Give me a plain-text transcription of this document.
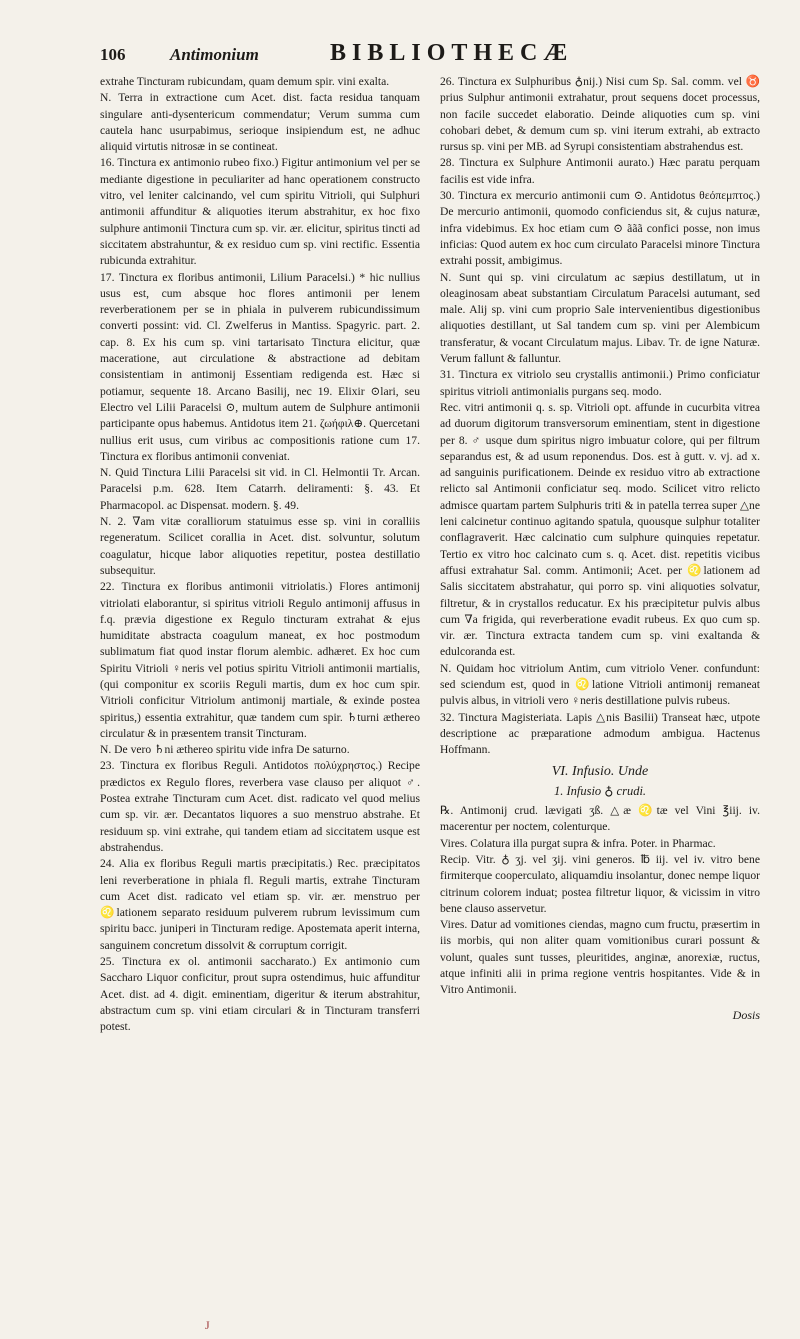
106	Antimonium	BIBLIOTHECÆ

extrahe Tincturam rubicundam, quam demum spir. vini exalta.

N. Terra in extractione cum Acet. dist. facta residua tanquam singulare anti-dysentericum commendatur; Verum summa cum cautela hanc usurpabimus, serioque insipiendum est, ne adhuc aliquid virtutis nitrosæ in se contineat.

16. Tinctura ex antimonio rubeo fixo.) Figitur antimonium vel per se mediante digestione in peculiariter ad hanc operationem constructo vitro, vel leniter calcinando, vel cum spiritu Vitrioli, qui Sulphuri antimonii affunditur & aliquoties iterum abstrahitur, ex hoc fixo sulphure antimonii Tinctura cum sp. vir. ær. elicitur, spiritus tincti ad siccitatem abstrahuntur, & ex residuo cum sp. vini rectific. Essentia rubicunda extrahitur.

17. Tinctura ex floribus antimonii, Lilium Paracelsi.) * hic nullius usus est, cum absque hoc flores antimonii per lenem reverberationem per se in phiala in pulverem rubicundissimum converti possint: vid. Cl. Zwelferus in Mantiss. Spagyric. part. 2. cap. 8. Ex his cum sp. vini tartarisato Tinctura elicitur, quæ maceratione, aut circulatione & abstractione ad debitam consistentiam in antimonij Essentiam redigenda est. Hæc si potiamur, sequente 18. Arcano Basilij, nec 19. Elixir ⊙lari, seu Electro vel Lilii Paracelsi ⊙, multum autem de Sulphure antimonii participante opus habemus. Antidotus item 21. ζωήφιλ⊕. Quercetani nullius erit usus, cum viribus ac compositionis ratione cum 17. Tinctura ex floribus antimonii conveniat.

N. Quid Tinctura Lilii Paracelsi sit vid. in Cl. Helmontii Tr. Arcan. Paracelsi p.m. 628. Item Catarrh. deliramenti: §. 43. Et Pharmacopol. ac Dispensat. modern. §. 49.

N. 2. ∇am vitæ coralliorum statuimus esse sp. vini in coralliis regeneratum. Scilicet corallia in Acet. dist. solvuntur, solutum coagulatur, hicque labor aliquoties repetitur, postea destillatio subsequitur.

22. Tinctura ex floribus antimonii vitriolatis.) Flores antimonij vitriolati elaborantur, si spiritus vitrioli Regulo antimonij affusus in f.q. prævia digestione ex Regulo tincturam extrahat & ejus humiditate abstracta coagulum maneat, ex hoc postmodum sublimatum fiat quod instar florum alembic. adhæret. Ex hoc cum Spiritu Vitrioli ♀neris vel potius spiritu Vitrioli antimonii martialis, (qui componitur ex scoriis Reguli martis, dum ex hoc cum spir. Vitrioli conficitur Vitriolum antimonij martiale, & exinde postea spiritus,) essentia extrahitur, quæ tandem cum spir. ♄turni æthereo circulatur & in præsentem transit Tincturam.

N. De vero ♄ni æthereo spiritu vide infra De saturno.

23. Tinctura ex floribus Reguli. Antidotos πολύχρηστος.) Recipe prædictos ex Regulo flores, reverbera vase clauso per aliquot ♂. Postea extrahe Tincturam cum Acet. dist. radicato vel quod melius cum sp. vir. ær. Decantatos liquores a suo menstruo abstrahe. Et residuum sp. vini extrahe, qui tandem etiam ad siccitatem usque est abstrahendus.

24. Alia ex floribus Reguli martis præcipitatis.) Rec. præcipitatos leni reverberatione in phiala fl. Reguli martis, extrahe Tincturam cum Acet dist. radicato vel etiam sp. vir. ær. menstruo per ♌lationem separato residuum pulverem rubrum levissimum cum spiritu bacc. juniperi in Tincturam redige. Apostemata aperit interna, sanguinem concretum dissolvit & corruptum corrigit.

25. Tinctura ex ol. antimonii saccharato.) Ex antimonio cum Saccharo Liquor conficitur, prout supra ostendimus, huic affunditur Acet. dist. ad 4. digit. eminentiam, digeritur & iterum abstrahitur, abstractum cum sp. vini etiam circulari & in Tincturam transferri potest.

26. Tinctura ex Sulphuribus ♁nij.) Nisi cum Sp. Sal. comm. vel ♉ prius Sulphur antimonii extrahatur, prout sequens docet processus, non facile succedet elaboratio. Deinde aliquoties cum sp. vini cohobari debet, & demum cum sp. vini iterum extrahi, ab extracto rursus sp. vini per MB. ad Syrupi consistentiam abstrahendus est.

28. Tinctura ex Sulphure Antimonii aurato.) Hæc paratu perquam facilis est vide infra.

30. Tinctura ex mercurio antimonii cum ⊙. Antidotus θεόπεμπτος.) De mercurio antimonii, quomodo conficiendus sit, & cujus naturæ, infra videbimus. Ex hoc etiam cum ⊙ ããã confici posse, non imus inficias: Quod autem ex hoc cum circulato Paracelsi minore Tinctura extrahi possit, ambigimus.

N. Sunt qui sp. vini circulatum ac sæpius destillatum, ut in oleaginosam abeat substantiam Circulatum Paracelsi autumant, sed male. Alij sp. vini cum proprio Sale intervenientibus digestionibus aliquoties destillant, ut Sal tandem cum sp. vini per Alembicum transferatur, & vocant Circulatum majus. Libav. Tr. de igne Naturæ. Verum fallunt & falluntur.

31. Tinctura ex vitriolo seu crystallis antimonii.) Primo conficiatur spiritus vitrioli antimonialis purgans seq. modo.

Rec. vitri antimonii q. s. sp. Vitrioli opt. affunde in cucurbita vitrea ad duorum digitorum transversorum eminentiam, stent in digestione per 8. ♂ usque dum spiritus nigro imbuatur colore, qui per filtrum separandus est, & ad usum reponendus. Dos. est à gutt. v. vj. ad x. ad sanguinis purificationem. Deinde ex residuo vitro ab extractione relicto sal Antimonii conficiatur seq. modo. Scilicet vitro relicto admisce quartam partem Sulphuris triti & in patella terrea super △ne leni calcinetur continuo agitando spatula, quousque sulphur totaliter conflagraverit. Hæc calcinatio cum sulphure quinquies repetatur. Tertio ex vitro hoc calcinato cum s. q. Acet. dist. repetitis vicibus affusi extrahatur Sal. comm. Antimonii; Acet. per ♌lationem ad Salis siccitatem abstrahatur, qui porro sp. vini aliquoties solvatur, filtretur, & in crystallos reducatur. Ex his præcipitetur pulvis albus cum ∇a frigida, qui reverberatione evadit rubeus. Ex quo cum sp. vir. ær. Tinctura extracta tandem cum sp. vini exaltanda & edulcoranda est.

N. Quidam hoc vitriolum Antim, cum vitriolo Vener. confundunt: sed sciendum est, quod in ♌latione Vitrioli antimonij remaneat pulvis albus, in vitrioli vero ♀neris destillatione pulvis rubeus.

32. Tinctura Magisteriata. Lapis △nis Basilii) Transeat hæc, utpote descriptione ac præparatione admodum ambigua. Hactenus Hoffmann.

VI. Infusio. Unde
1. Infusio ♁ crudi.

℞. Antimonij crud. lævigati ʒß. △æ ♌tæ vel Vini ℥iij. iv. macerentur per noctem, colenturque.

Vires. Colatura illa purgat supra & infra. Poter. in Pharmac.

Recip. Vitr. ♁ ʒj. vel ʒij. vini generos. ℔ iij. vel iv. vitro bene firmiterque cooperculato, aliquamdiu insolantur, donec nempe liquor citrinum colorem induat; postea filtretur liquor, & vicissim in vitro bene clauso asservetur.

Vires. Datur ad vomitiones ciendas, magno cum fructu, præsertim in iis morbis, qui non aliter quam vomitionibus curari possunt & volunt, quales sunt tusses, pleuritides, anginæ, anorexiæ, ructus, atque infiniti alii in prima regione ventris hospitantes. Vide & in Vitro Antimonii.

Dosis
J
